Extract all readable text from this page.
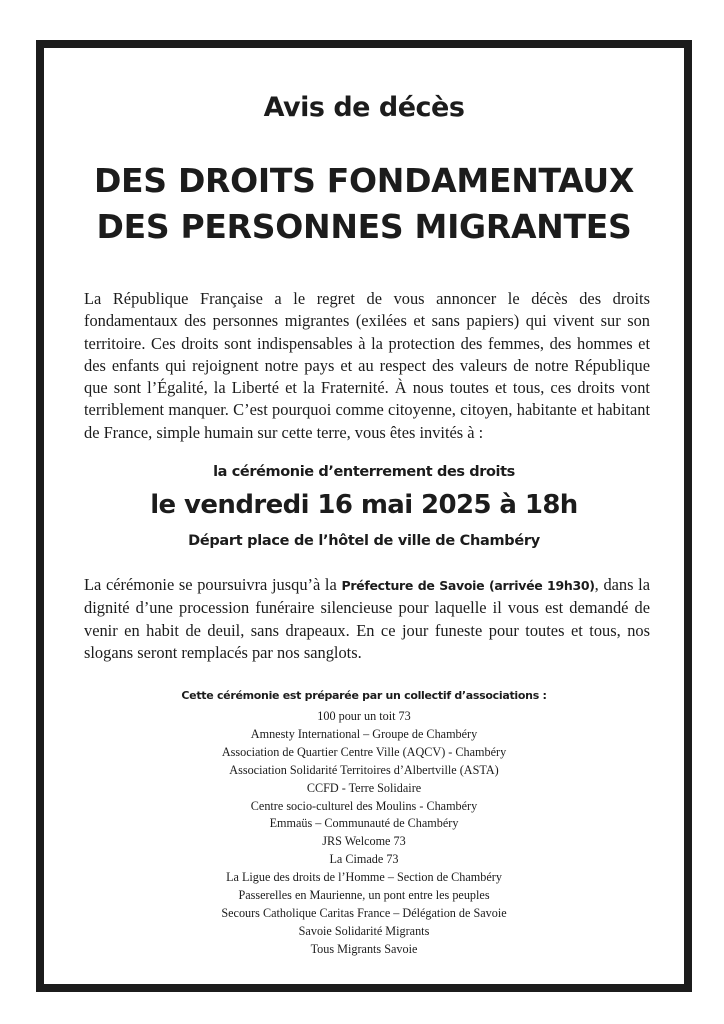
Avis de décès
DES DROITS FONDAMENTAUX
DES PERSONNES MIGRANTES

La République Française a le regret de vous annoncer le décès des droits fondamentaux des personnes migrantes (exilées et sans papiers) qui vivent sur son territoire. Ces droits sont indispensables à la protection des femmes, des hommes et des enfants qui rejoignent notre pays et au respect des valeurs de notre République que sont l’Égalité, la Liberté et la Fraternité. À nous toutes et tous, ces droits vont terriblement manquer. C’est pourquoi comme citoyenne, citoyen, habitante et habitant de France, simple humain sur cette terre, vous êtes invités à :

la cérémonie d’enterrement des droits
le vendredi 16 mai 2025 à 18h
Départ place de l’hôtel de ville de Chambéry

La cérémonie se poursuivra jusqu’à la Préfecture de Savoie (arrivée 19h30), dans la dignité d’une procession funéraire silencieuse pour laquelle il vous est demandé de venir en habit de deuil, sans drapeaux. En ce jour funeste pour toutes et tous, nos slogans seront remplacés par nos sanglots.

Cette cérémonie est préparée par un collectif d’associations :
100 pour un toit 73
Amnesty International – Groupe de Chambéry
Association de Quartier Centre Ville (AQCV) - Chambéry
Association Solidarité Territoires d’Albertville (ASTA)
CCFD - Terre Solidaire
Centre socio-culturel des Moulins - Chambéry
Emmaüs – Communauté de Chambéry
JRS Welcome 73
La Cimade 73
La Ligue des droits de l’Homme – Section de Chambéry
Passerelles en Maurienne, un pont entre les peuples
Secours Catholique Caritas France – Délégation de Savoie
Savoie Solidarité Migrants
Tous Migrants Savoie
